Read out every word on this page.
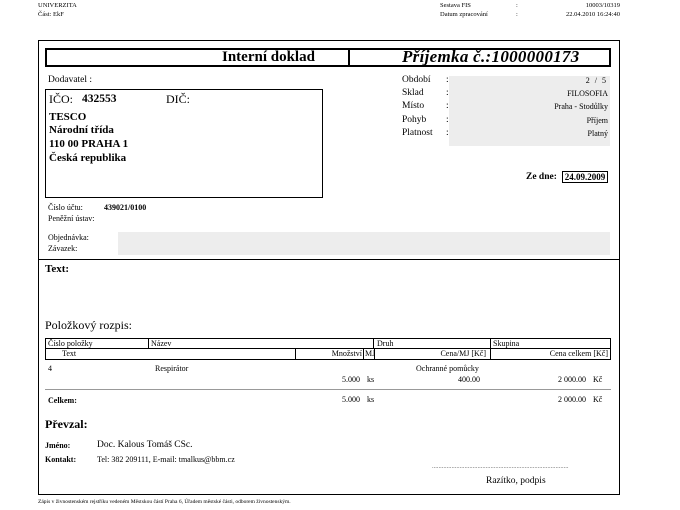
UNIVERZITA
Část: EkF
Sestava FIS	:	10003/10319
Datum zpracování	:	22.04.2010 16:24:40
Interní doklad	Příjemka č.:1000000173
Dodavatel :
IČO: 432553	DIČ:
TESCO
Národní třída
110 00 PRAHA 1
Česká republika
Období :	2 / 5
Sklad :	FILOSOFIA
Místo :	Praha - Stodůlky
Pohyb :	Příjem
Platnost :	Platný
Ze dne: 24.09.2009
Číslo účtu:	439021/0100
Peněžní ústav:
Objednávka:
Závazek:
Text:
Položkový rozpis:
Číslo položky	Název	Druh	Skupina
Text	Množství MJ	Cena/MJ [Kč]	Cena celkem [Kč]
4	Respirátor	Ochranné pomůcky
5.000 ks	400.00	2 000.00 Kč
Celkem:	5.000 ks	2 000.00 Kč
Převzal:
Jméno:	Doc. Kalous Tomáš CSc.
Kontakt:	Tel: 382 209111, E-mail: tmalkus@bbm.cz
....................................................................................
Razítko, podpis
Zápis v živnostenském rejstříku vedeném Městskou částí Praha 6, Úřadem městské části, odborem živnostenským.
